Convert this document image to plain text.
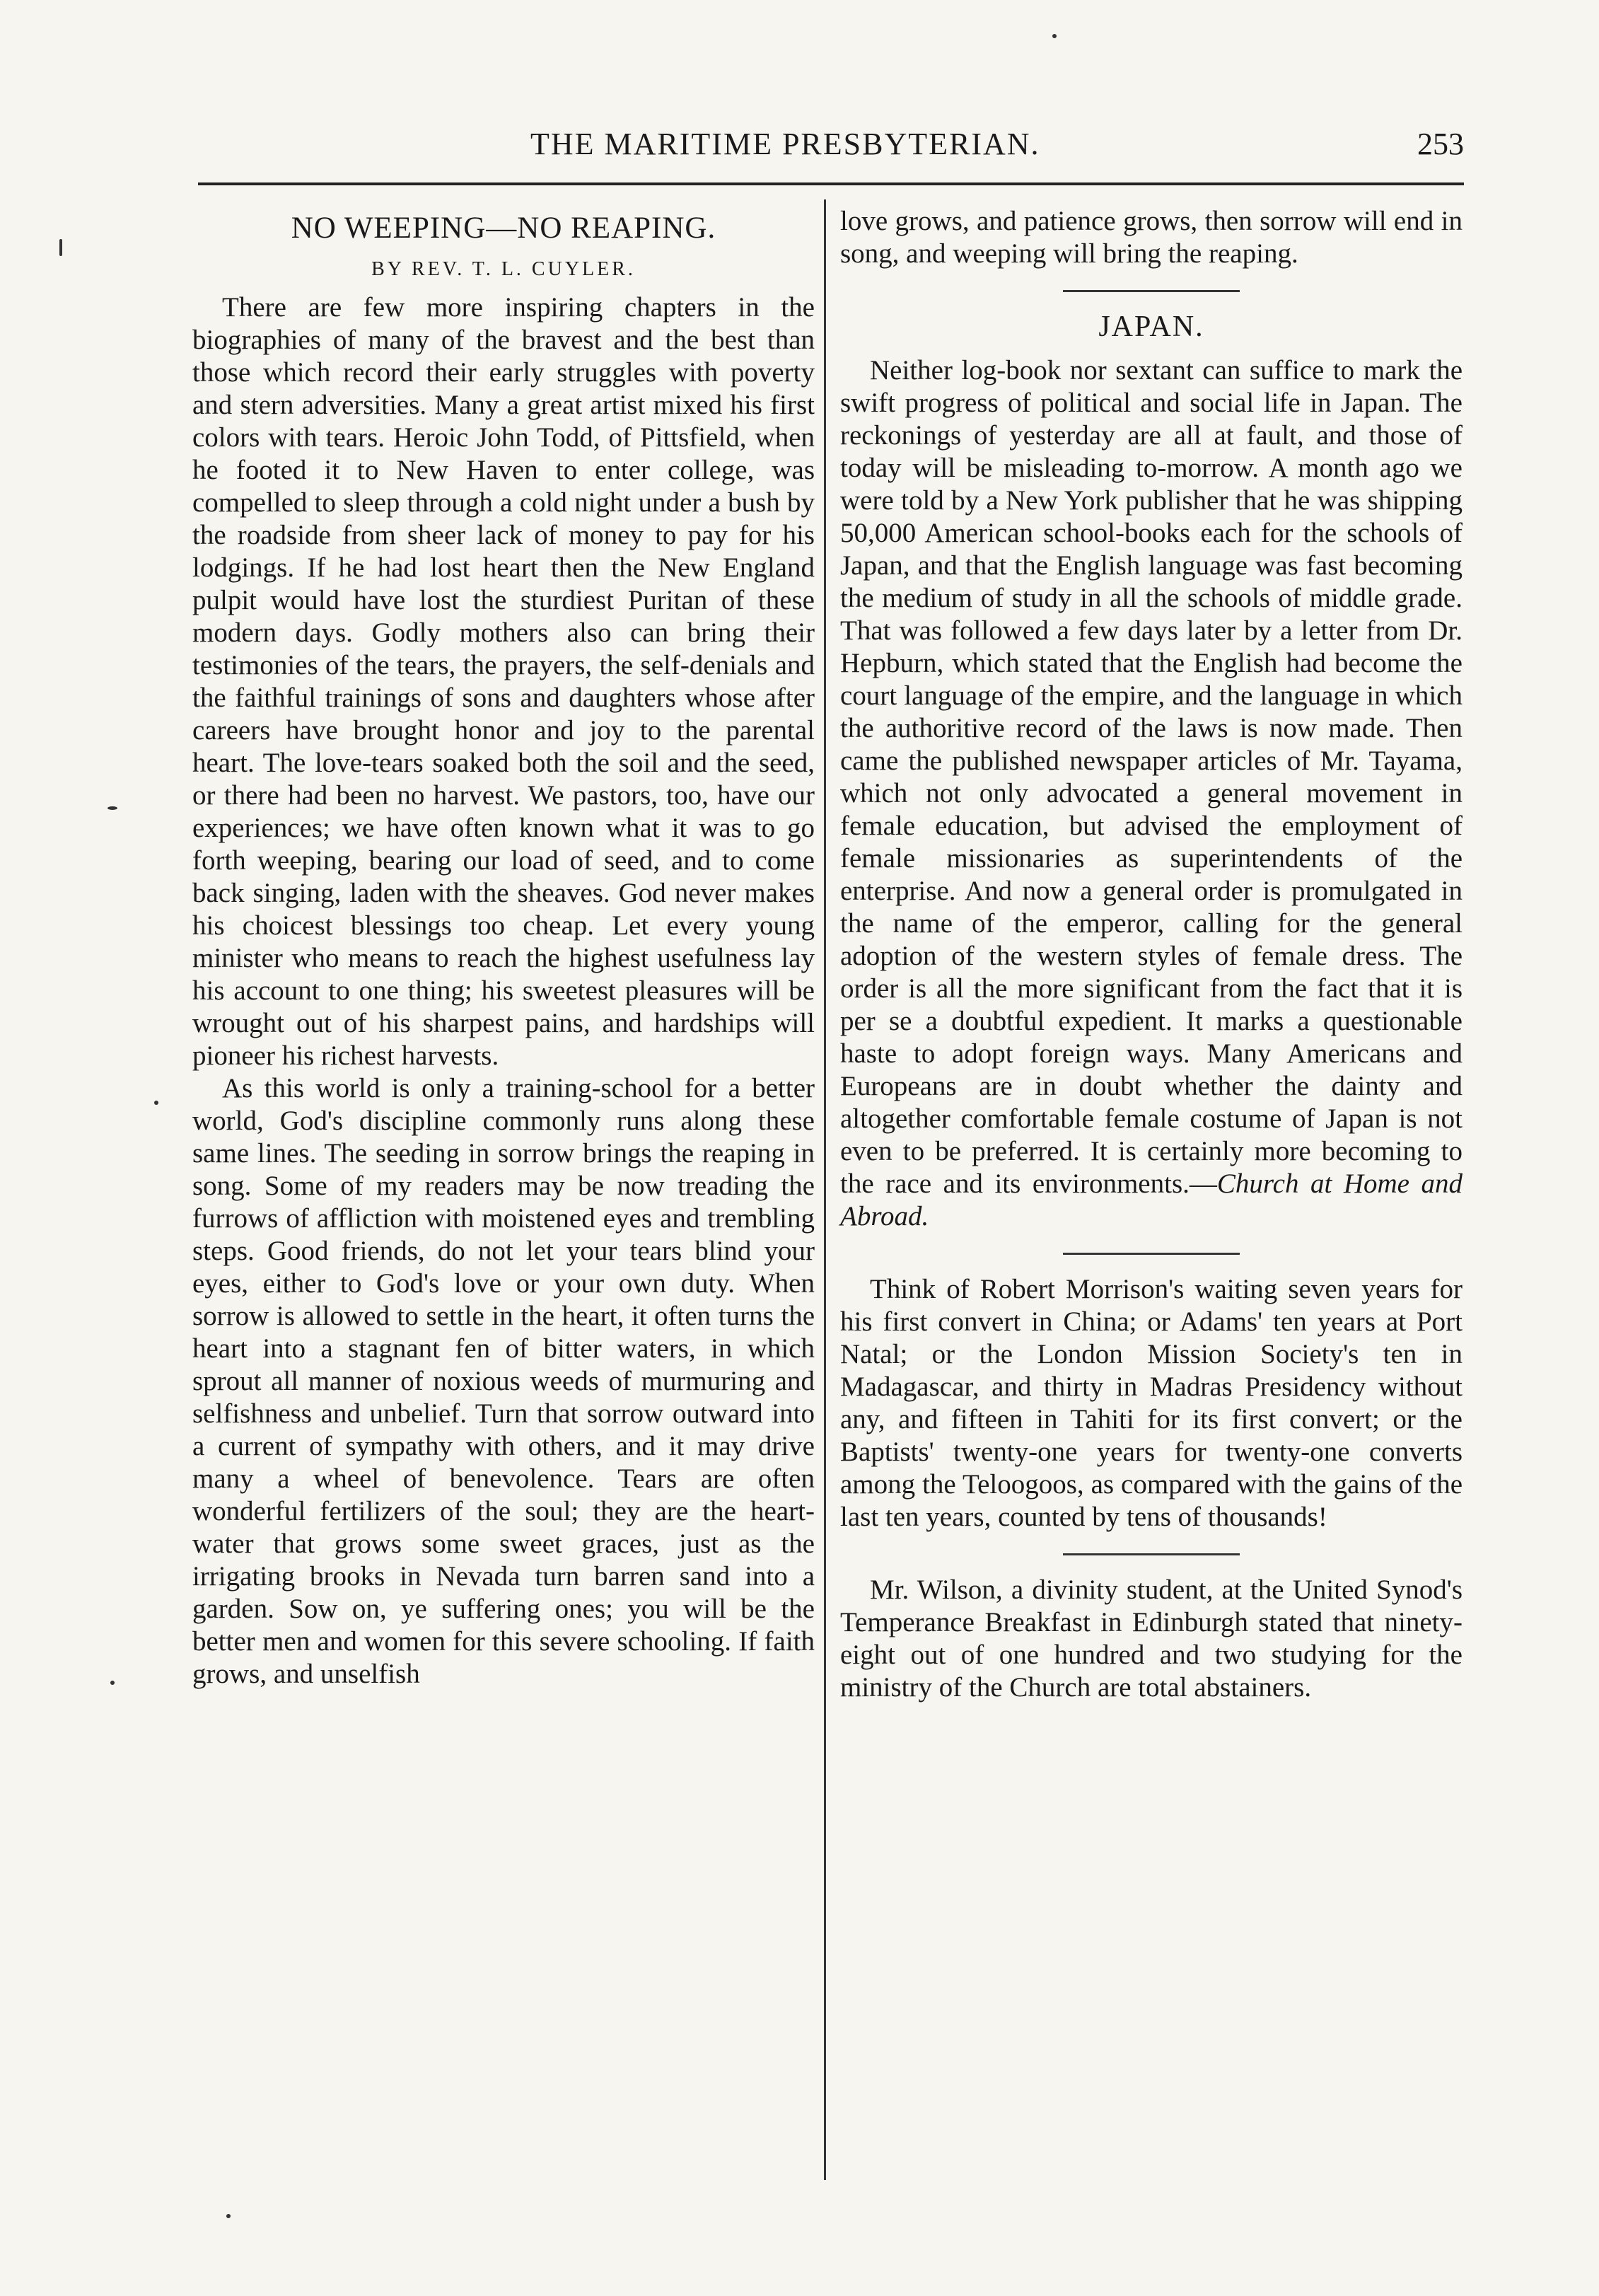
THE MARITIME PRESBYTERIAN.	253
NO WEEPING—NO REAPING.
BY REV. T. L. CUYLER.

There are few more inspiring chapters in the biographies of many of the bravest and the best than those which record their early struggles with poverty and stern adversities. Many a great artist mixed his first colors with tears. Heroic John Todd, of Pittsfield, when he footed it to New Haven to enter college, was compelled to sleep through a cold night under a bush by the roadside from sheer lack of money to pay for his lodgings. If he had lost heart then the New England pulpit would have lost the sturdiest Puritan of these modern days. Godly mothers also can bring their testimonies of the tears, the prayers, the self-denials and the faithful trainings of sons and daughters whose after careers have brought honor and joy to the parental heart. The love-tears soaked both the soil and the seed, or there had been no harvest. We pastors, too, have our experiences; we have often known what it was to go forth weeping, bearing our load of seed, and to come back singing, laden with the sheaves. God never makes his choicest blessings too cheap. Let every young minister who means to reach the highest usefulness lay his account to one thing; his sweetest pleasures will be wrought out of his sharpest pains, and hardships will pioneer his richest harvests.

As this world is only a training-school for a better world, God's discipline commonly runs along these same lines. The seeding in sorrow brings the reaping in song. Some of my readers may be now treading the furrows of affliction with moistened eyes and trembling steps. Good friends, do not let your tears blind your eyes, either to God's love or your own duty. When sorrow is allowed to settle in the heart, it often turns the heart into a stagnant fen of bitter waters, in which sprout all manner of noxious weeds of murmuring and selfishness and unbelief. Turn that sorrow outward into a current of sympathy with others, and it may drive many a wheel of benevolence. Tears are often wonderful fertilizers of the soul; they are the heart-water that grows some sweet graces, just as the irrigating brooks in Nevada turn barren sand into a garden. Sow on, ye suffering ones; you will be the better men and women for this severe schooling. If faith grows, and unselfish

love grows, and patience grows, then sorrow will end in song, and weeping will bring the reaping.

JAPAN.

Neither log-book nor sextant can suffice to mark the swift progress of political and social life in Japan. The reckonings of yesterday are all at fault, and those of today will be misleading to-morrow. A month ago we were told by a New York publisher that he was shipping 50,000 American school-books each for the schools of Japan, and that the English language was fast becoming the medium of study in all the schools of middle grade. That was followed a few days later by a letter from Dr. Hepburn, which stated that the English had become the court language of the empire, and the language in which the authoritive record of the laws is now made. Then came the published newspaper articles of Mr. Tayama, which not only advocated a general movement in female education, but advised the employment of female missionaries as superintendents of the enterprise. And now a general order is promulgated in the name of the emperor, calling for the general adoption of the western styles of female dress. The order is all the more significant from the fact that it is per se a doubtful expedient. It marks a questionable haste to adopt foreign ways. Many Americans and Europeans are in doubt whether the dainty and altogether comfortable female costume of Japan is not even to be preferred. It is certainly more becoming to the race and its environments.—Church at Home and Abroad.

Think of Robert Morrison's waiting seven years for his first convert in China; or Adams' ten years at Port Natal; or the London Mission Society's ten in Madagascar, and thirty in Madras Presidency without any, and fifteen in Tahiti for its first convert; or the Baptists' twenty-one years for twenty-one converts among the Teloogoos, as compared with the gains of the last ten years, counted by tens of thousands!

Mr. Wilson, a divinity student, at the United Synod's Temperance Breakfast in Edinburgh stated that ninety-eight out of one hundred and two studying for the ministry of the Church are total abstainers.
